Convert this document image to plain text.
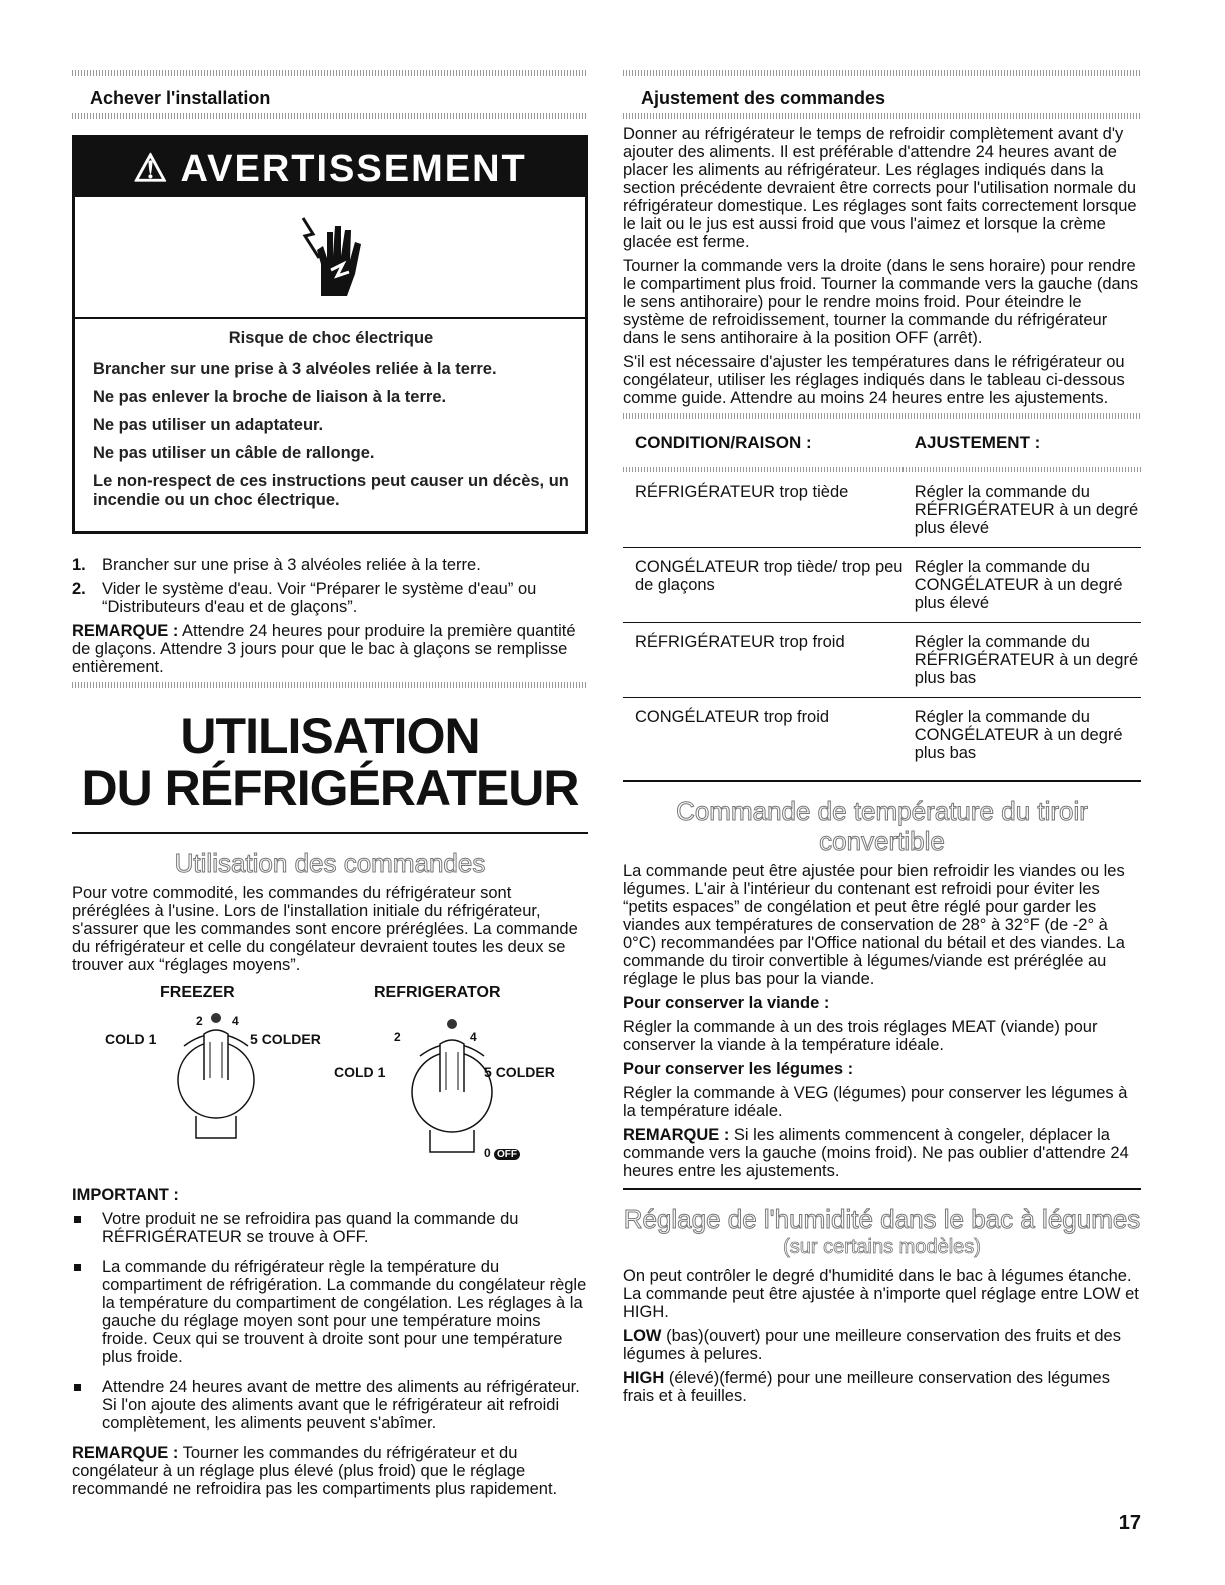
Achever l'installation
⚠ AVERTISSEMENT
Risque de choc électrique
Brancher sur une prise à 3 alvéoles reliée à la terre.
Ne pas enlever la broche de liaison à la terre.
Ne pas utiliser un adaptateur.
Ne pas utiliser un câble de rallonge.
Le non-respect de ces instructions peut causer un décès, un incendie ou un choc électrique.
1. Brancher sur une prise à 3 alvéoles reliée à la terre.
2. Vider le système d'eau. Voir “Préparer le système d'eau” ou “Distributeurs d'eau et de glaçons”.

REMARQUE : Attendre 24 heures pour produire la première quantité de glaçons. Attendre 3 jours pour que le bac à glaçons se remplisse entièrement.

UTILISATION
DU RÉFRIGÉRATEUR
Utilisation des commandes

Pour votre commodité, les commandes du réfrigérateur sont préréglées à l'usine. Lors de l'installation initiale du réfrigérateur, s'assurer que les commandes sont encore préréglées. La commande du réfrigérateur et celle du congélateur devraient toutes les deux se trouver aux “réglages moyens”.

FREEZER	REFRIGERATOR
COLD 1
2 4
5 COLDER	2	4
COLD 1	5 COLDER
0 OFF

IMPORTANT :

Votre produit ne se refroidira pas quand la commande du RÉFRIGÉRATEUR se trouve à OFF.
La commande du réfrigérateur règle la température du compartiment de réfrigération. La commande du congélateur règle la température du compartiment de congélation. Les réglages à la gauche du réglage moyen sont pour une température moins froide. Ceux qui se trouvent à droite sont pour une température plus froide.
Attendre 24 heures avant de mettre des aliments au réfrigérateur. Si l'on ajoute des aliments avant que le réfrigérateur ait refroidi complètement, les aliments peuvent s'abîmer.

REMARQUE : Tourner les commandes du réfrigérateur et du congélateur à un réglage plus élevé (plus froid) que le réglage recommandé ne refroidira pas les compartiments plus rapidement.

Ajustement des commandes

Donner au réfrigérateur le temps de refroidir complètement avant d'y ajouter des aliments. Il est préférable d'attendre 24 heures avant de placer les aliments au réfrigérateur. Les réglages indiqués dans la section précédente devraient être corrects pour l'utilisation normale du réfrigérateur domestique. Les réglages sont faits correctement lorsque le lait ou le jus est aussi froid que vous l'aimez et lorsque la crème glacée est ferme.

Tourner la commande vers la droite (dans le sens horaire) pour rendre le compartiment plus froid. Tourner la commande vers la gauche (dans le sens antihoraire) pour le rendre moins froid. Pour éteindre le système de refroidissement, tourner la commande du réfrigérateur dans le sens antihoraire à la position OFF (arrêt).

S'il est nécessaire d'ajuster les températures dans le réfrigérateur ou congélateur, utiliser les réglages indiqués dans le tableau ci-dessous comme guide. Attendre au moins 24 heures entre les ajustements.

CONDITION/RAISON :	AJUSTEMENT :
RÉFRIGÉRATEUR trop tiède	Régler la commande du RÉFRIGÉRATEUR à un degré plus élevé
CONGÉLATEUR trop tiède/ trop peu de glaçons	Régler la commande du CONGÉLATEUR à un degré plus élevé
RÉFRIGÉRATEUR trop froid	Régler la commande du RÉFRIGÉRATEUR à un degré plus bas
CONGÉLATEUR trop froid	Régler la commande du CONGÉLATEUR à un degré plus bas
Commande de température du tiroir convertible

La commande peut être ajustée pour bien refroidir les viandes ou les légumes. L'air à l'intérieur du contenant est refroidi pour éviter les “petits espaces” de congélation et peut être réglé pour garder les viandes aux températures de conservation de 28° à 32°F (de -2° à 0°C) recommandées par l'Office national du bétail et des viandes. La commande du tiroir convertible à légumes/viande est préréglée au réglage le plus bas pour la viande.

Pour conserver la viande :

Régler la commande à un des trois réglages MEAT (viande) pour conserver la viande à la température idéale.

Pour conserver les légumes :

Régler la commande à VEG (légumes) pour conserver les légumes à la température idéale.

REMARQUE : Si les aliments commencent à congeler, déplacer la commande vers la gauche (moins froid). Ne pas oublier d'attendre 24 heures entre les ajustements.

Réglage de l'humidité dans le bac à légumes
(sur certains modèles)

On peut contrôler le degré d'humidité dans le bac à légumes étanche. La commande peut être ajustée à n'importe quel réglage entre LOW et HIGH.

LOW (bas)(ouvert) pour une meilleure conservation des fruits et des légumes à pelures.

HIGH (élevé)(fermé) pour une meilleure conservation des légumes frais et à feuilles.

17
